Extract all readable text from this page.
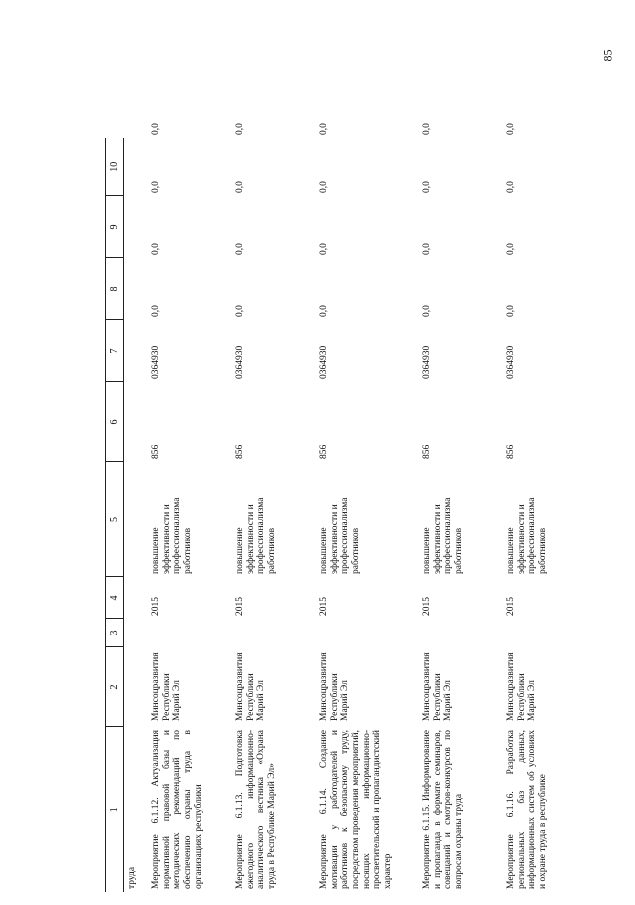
85
1	2	3	4	5	6	7	8	9	10	
труда										
Мероприятие 6.1.12. Актуализация нормативной правовой базы и методических рекомендаций по обеспечению охраны труда в организациях республики	Минсоцразвития Республики Марий Эл		2015	повышение эффективности и профессионализма работников	856	0364930	0,0	0,0	0,0	0,0
Мероприятие 6.1.13. Подготовка ежегодного информационно-аналитического вестника «Охрана труда в Республике Марий Эл»	Минсоцразвития Республики Марий Эл		2015	повышение эффективности и профессионализма работников	856	0364930	0,0	0,0	0,0	0,0
Мероприятие 6.1.14. Создание мотивации у работодателей и работников к безопасному труду, посредством проведения мероприятий, носящих информационно-просветительский и пропагандистский характер	Минсоцразвития Республики Марий Эл		2015	повышение эффективности и профессионализма работников	856	0364930	0,0	0,0	0,0	0,0
Мероприятие 6.1.15. Информирование и пропаганда в формате семинаров, совещаний и смотров-конкурсов по вопросам охраны труда	Минсоцразвития Республики Марий Эл		2015	повышение эффективности и профессионализма работников	856	0364930	0,0	0,0	0,0	0,0
Мероприятие 6.1.16. Разработка региональных баз данных, информационных систем об условиях и охране труда в республике	Минсоцразвития Республики Марий Эл		2015	повышение эффективности и профессионализма работников	856	0364930	0,0	0,0	0,0	0,0
